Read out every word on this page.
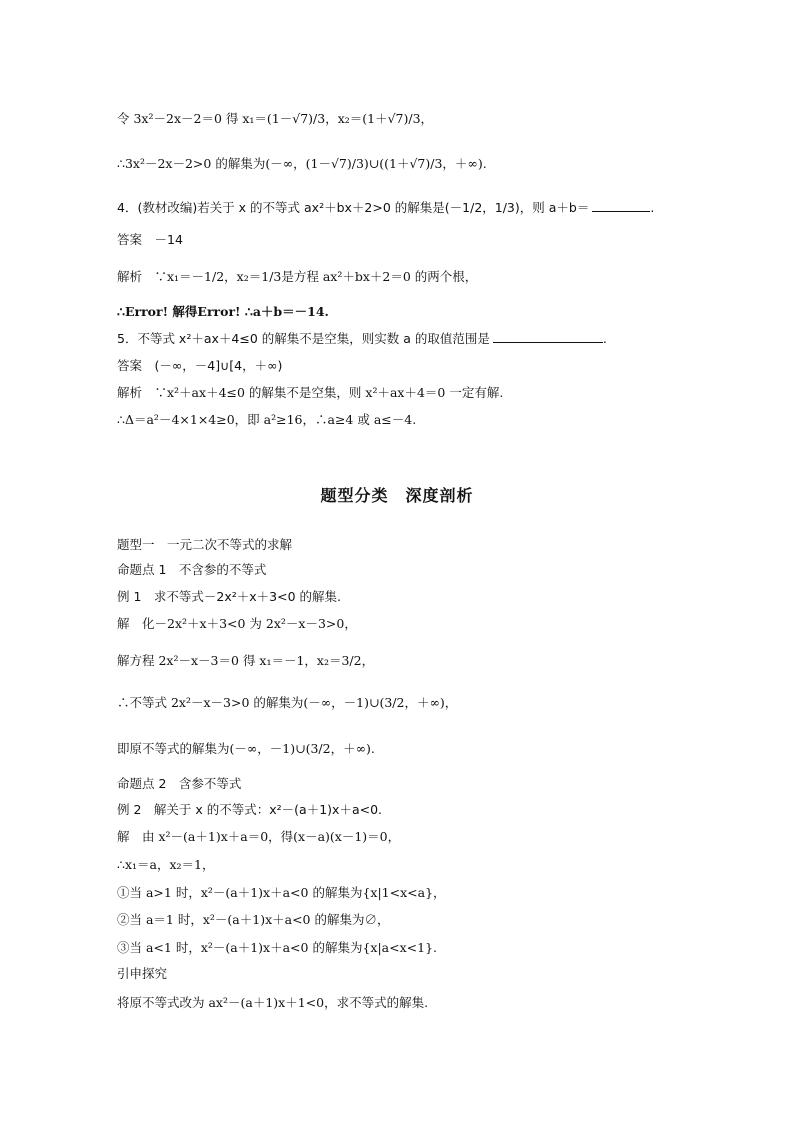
令 3x²－2x－2＝0 得 x₁＝(1－√7)/3，x₂＝(1＋√7)/3，
∴3x²－2x－2>0 的解集为(－∞，(1－√7)/3)∪((1＋√7)/3，＋∞).
4．(教材改编)若关于 x 的不等式 ax²＋bx＋2>0 的解集是(－1/2，1/3)，则 a＋b＝	.
答案　－14
解析　∵x₁＝－1/2，x₂＝1/3是方程 ax²＋bx＋2＝0 的两个根，
∴Error! 解得Error! ∴a＋b＝－14.
5．不等式 x²＋ax＋4≤0 的解集不是空集，则实数 a 的取值范围是	.
答案　(－∞，－4]∪[4，＋∞)
解析　∵x²＋ax＋4≤0 的解集不是空集，则 x²＋ax＋4＝0 一定有解.
∴Δ＝a²－4×1×4≥0，即 a²≥16，∴a≥4 或 a≤－4.
题型分类　深度剖析
题型一　一元二次不等式的求解
命题点 1　不含参的不等式
例 1　求不等式－2x²＋x＋3<0 的解集.
解　化－2x²＋x＋3<0 为 2x²－x－3>0，
解方程 2x²－x－3＝0 得 x₁＝－1，x₂＝3/2，
∴不等式 2x²－x－3>0 的解集为(－∞，－1)∪(3/2，＋∞)，
即原不等式的解集为(－∞，－1)∪(3/2，＋∞).
命题点 2　含参不等式
例 2　解关于 x 的不等式：x²－(a＋1)x＋a<0.
解　由 x²－(a＋1)x＋a＝0，得(x－a)(x－1)＝0，
∴x₁＝a，x₂＝1，
①当 a>1 时，x²－(a＋1)x＋a<0 的解集为{x|1<x<a}，
②当 a＝1 时，x²－(a＋1)x＋a<0 的解集为∅，
③当 a<1 时，x²－(a＋1)x＋a<0 的解集为{x|a<x<1}.
引申探究
将原不等式改为 ax²－(a＋1)x＋1<0，求不等式的解集.
